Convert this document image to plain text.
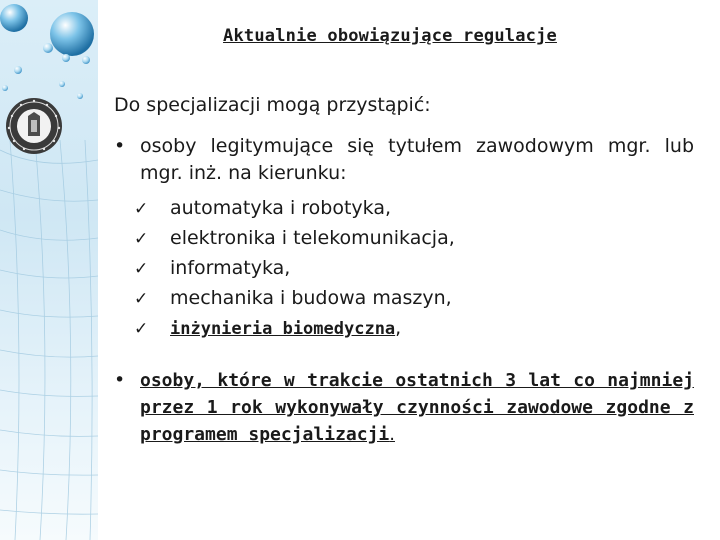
Aktualnie obowiązujące regulacje
Do specjalizacji mogą przystąpić:
• osoby legitymujące się tytułem zawodowym mgr. lub mgr. inż. na kierunku:
✓ automatyka i robotyka,
✓ elektronika i telekomunikacja,
✓ informatyka,
✓ mechanika i budowa maszyn,
✓ inżynieria biomedyczna,
• osoby, które w trakcie ostatnich 3 lat co najmniej przez 1 rok wykonywały czynności zawodowe zgodne z programem specjalizacji.
